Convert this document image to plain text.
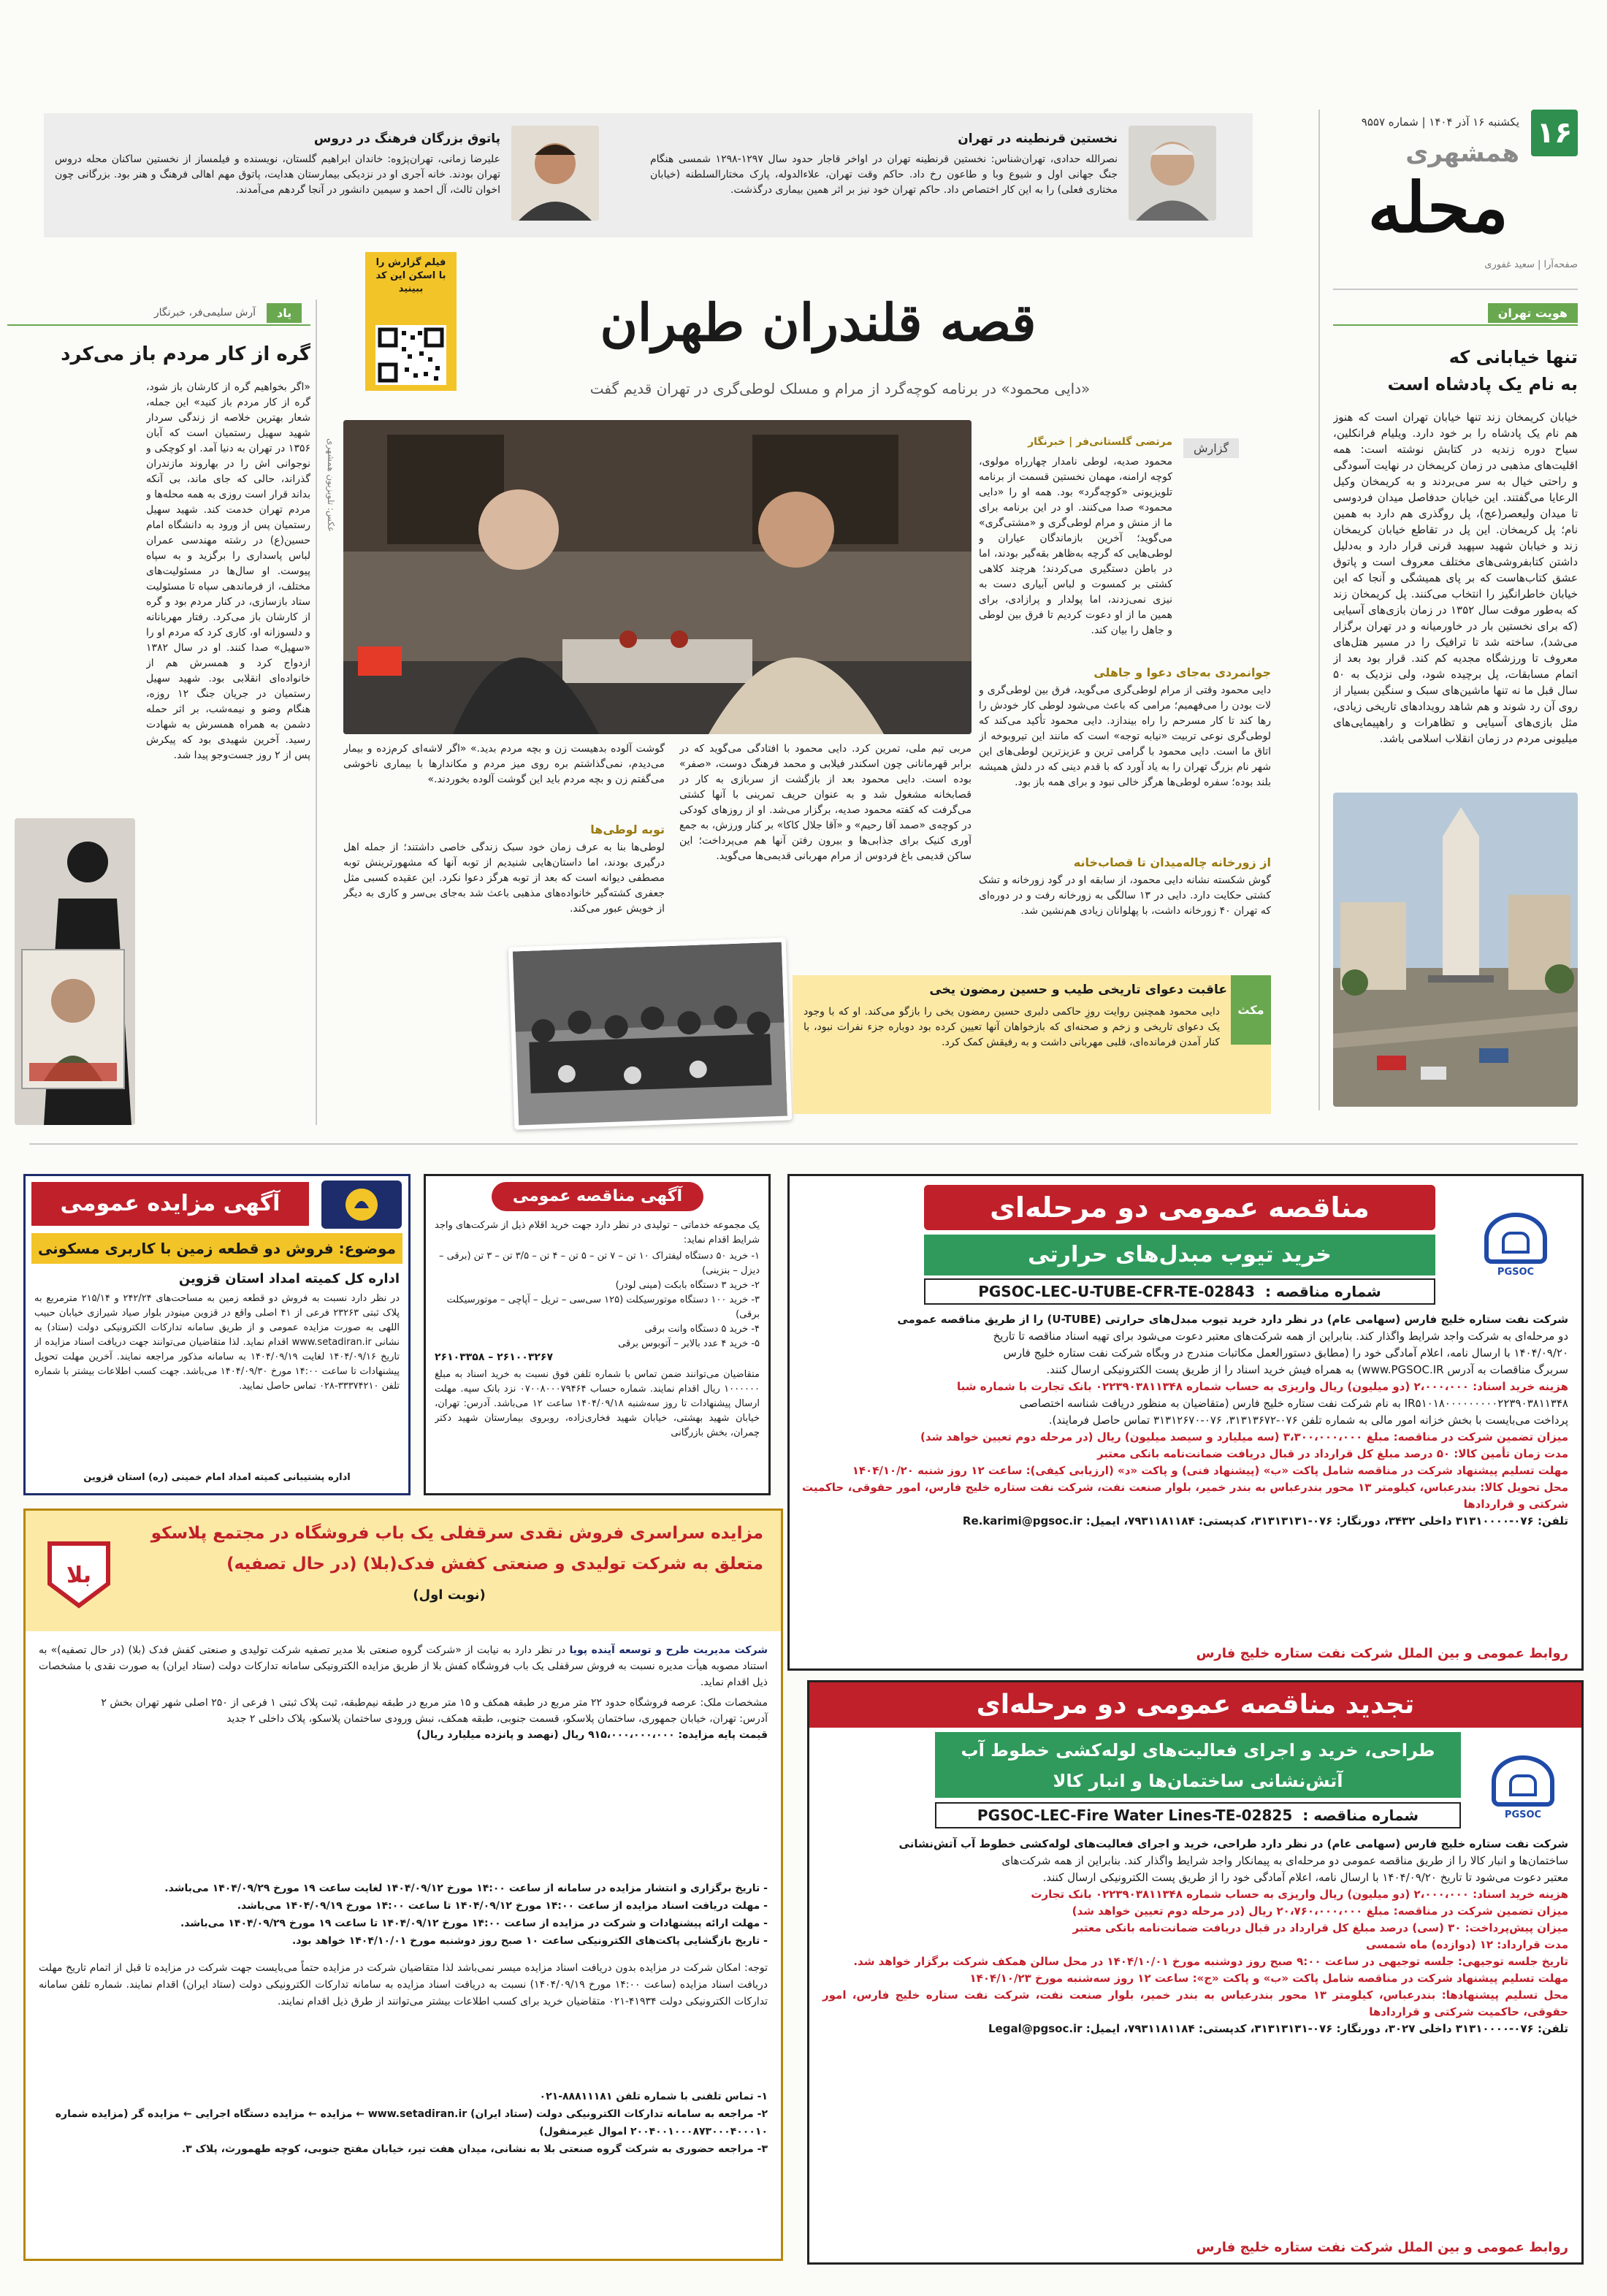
۱۶
همشهری
یکشنبه ۱۶ آذر ۱۴۰۴ | شماره ۹۵۵۷
محله
صفحه‌آرا | سعید غفوری
نخستین قرنطینه در تهران
نصرالله حدادی، تهران‌شناس: نخستین قرنطینه تهران در اواخر قاجار حدود سال ۱۲۹۷-۱۲۹۸ شمسی هنگام جنگ جهانی اول و شیوع وبا و طاعون رخ داد. حاکم وقت تهران، علاءالدوله، پارک مختارالسلطنه (خیابان مختاری فعلی) را به این کار اختصاص داد. حاکم تهران خود نیز بر اثر همین بیماری درگذشت.
پاتوق بزرگان فرهنگ در دروس
علیرضا زمانی، تهران‌پژوه: خاندان ابراهیم گلستان، نویسنده و فیلمساز از نخستین ساکنان محله دروس تهران بودند. خانه آجری او در نزدیکی بیمارستان هدایت، پاتوق مهم اهالی فرهنگ و هنر بود. بزرگانی چون اخوان ثالث، آل احمد و سیمین دانشور در آنجا گردهم می‌آمدند.
هویت تهران
تنها خیابانی که
به نام یک پادشاه است
خیابان کریمخان زند تنها خیابان تهران است که هنوز هم نام یک پادشاه را بر خود دارد. ویلیام فرانکلین، سیاح دوره زندیه در کتابش نوشته است: همه اقلیت‌های مذهبی در زمان کریمخان در نهایت آسودگی و راحتی خیال به سر می‌بردند و به کریمخان وکیل الرعایا می‌گفتند. این خیابان حدفاصل میدان فردوسی تا میدان ولیعصر(عج)، پل روگذری هم دارد به همین نام؛ پل کریمخان. این پل در تقاطع خیابان کریمخان زند و خیابان شهید سپهبد قرنی قرار دارد و به‌دلیل داشتن کتابفروشی‌های مختلف معروف است و پاتوق عشق کتاب‌هاست که بر پای همیشگی و آنجا که این خیابان خاطرانگیز را انتخاب می‌کنند. پل کریمخان زند که به‌طور موقت سال ۱۳۵۲ در زمان بازی‌های آسیایی (که برای نخستین بار در خاورمیانه و در تهران برگزار می‌شد)، ساخته شد تا ترافیک را در مسیر هتل‌های معروف تا ورزشگاه مجدیه کم کند. قرار بود بعد از اتمام مسابقات، پل برچیده شود، ولی نزدیک به ۵۰ سال قبل ما نه تنها ماشین‌های سبک و سنگین بسیار از روی آن رد شوند و هم شاهد رویدادهای تاریخی زیادی، مثل بازی‌های آسیایی و تظاهرات و راهپیمایی‌های میلیونی مردم در زمان انقلاب اسلامی باشد.
فیلم گزارش را با اسکن این کد ببینید
قصه قلندران طهران
«دایی محمود» در برنامه کوچه‌گرد از مرام و مسلک لوطی‌گری در تهران قدیم گفت
عکس: تلویزیون همشهری	گزارش
مرتضی گلستانی‌فر | خبرنگار
محمود صدیه، لوطی نامدار چهارراه مولوی، کوچه ارامنه، مهمان نخستین قسمت از برنامه تلویزیونی «کوچه‌گرد» بود. همه او را «دایی محمود» صدا می‌کنند. او در این برنامه برای ما از منش و مرام لوطی‌گری و «مشتی‌گری» می‌گوید؛ آخرین بازماندگان عیاران و لوطی‌هایی که گرچه به‌ظاهر بقه‌گیر بودند، اما در باطن دستگیری می‌کردند؛ هرچند کلاهی کشتی بر کمسوت و لباس آبیاری دست به نیزی نمی‌زدند، اما پولدار و پرازادی، برای همین ما از او دعوت کردیم تا فرق بین لوطی و جاهل را بیان کند.
جوانمردی به‌جای دعوا و جاهلی
دایی محمود وقتی از مرام لوطی‌گری می‌گوید، فرق بین لوطی‌گری و لات بودن را می‌فهمیم؛ مرامی که باعث می‌شود لوطی کار خودش را رها کند تا کار مسرحم را راه بیندازد. دایی محمود تأکید می‌کند که لوطی‌گری نوعی تربیت «نیابه توجه» است که مانند این تیروبوخه از اتاق ما است. دایی محمود با گرامی ‌ترین و عزیزترین لوطی‌های این شهر نام بزرگ تهران را به یاد آورد که با قدم دینی که در دلش همیشه بلند بوده؛ سفره لوطی‌ها هرگز خالی نبود و برای همه باز بود.
از زورخانه چاله‌میدان تا قصاب‌خانه
گوش شکسته‌ نشانه دایی محمود، از سابقه او در گود زورخانه و تشک کشتی حکایت دارد. دایی در ۱۳ سالگی به زورخانه رفت و در دوره‌ای که تهران ۴۰ زورخانه داشت، با پهلوانان زیادی هم‌نشین شد.
مربی تیم ملی، تمرین کرد. دایی محمود با افتادگی می‌گوید که در برابر قهرمانانی چون اسکندر فیلابی و محمد فرهنگ دوست، «صفر» بوده است. دایی محمود بعد از بازگشت از سربازی به کار در قصابخانه مشغول شد و به عنوان حریف تمرینی با آنها کشتی می‌گرفت که کفته محمود صدیه، برگزار می‌شد. او از روزهای کودکی در کوچه‌ی «صمد آقا رحیم» و «آقا جلال کاکا» بر کنار ورزش، به جمع آوری کنیک برای جذابی‌ها و بیرون رفتن آنها هم می‌پرداخت؛ این ساکن قدیمی باغ فردوس از مرام مهربانی قدیمی‌ها می‌گوید.
گوشت آلوده بدهیست زن و بچه مردم بدید.» «اگر لاشه‌ای کرم‌زده و بیمار می‌دیدم، نمی‌گذاشتم بره روی میز مردم و مکاندارها با بیماری ناخوشی می‌گفتم زن و بچه مردم باید این گوشت آلوده بخوردند.»
توبه لوطی‌ها
لوطی‌ها بنا به عرف زمان خود سبک زندگی خاصی داشتند؛ از جمله اهل درگیری بودند، اما داستان‌هایی شنیدیم از توبه آنها که مشهورترینش توبه مصطفی دیوانه است که بعد از توبه هرگز دعوا نکرد. این عقیده کسبی مثل جعفری کشته‌گیر خانواده‌های مذهبی باعث شد به‌جای بی‌سر و کاری به دیگر از خویش عبور می‌کند.
عاقبت دعوای تاریخی طیب و حسین رمضون یخی
دایی محمود همچنین روایت روزِ حاکمی دلبری حسین رمضون یخی را بازگو می‌کند. او که با وجود یک دعوای تاریخی و زخم و صحنه‌ای که بازخواهان آنها تعیین کرده بود دوباره جزء نفرات نبود، با کنار آمدن فرمانده‌ای، قلبی مهربانی داشت و به رفیقش کمک کرد.
مکث
یاد
آرش سلیمی‌فر، خبرنگار
گره از کار مردم باز می‌کرد
«اگر بخواهیم گره از کارشان باز شود، گره از کار مردم باز کنید» این جمله، شعار بهترین خلاصه از زندگی سردار شهید سهیل رستمیان است که آبان ۱۳۵۶ در تهران به دنیا آمد. او کوچکی و نوجوانی اش را در بهاروند مازندران گذراند، حالی که جای ماند، بی آنکه بداند قرار است روزی به همه محله‌ها و مردم تهران خدمت کند. شهید سهیل رستمیان پس از ورود به دانشگاه امام حسین(ع) در رشته مهندسی عمران لباس پاسداری را برگزید و به سپاه پیوست. او سال‌ها در مسئولیت‌های مختلف، از فرماندهی سپاه تا مسئولیت ستاد بازسازی، در کنار مردم بود و گره از کارشان باز می‌کرد. رفتار مهربانانه و دلسوزانه او، کاری کرد که مردم او را «سهیل» صدا کنند. او در سال ۱۳۸۲ ازدواج کرد و همسرش هم از خانواده‌ای انقلابی بود. شهید سهیل رستمیان در جریان جنگ ۱۲ روزه، هنگام وضو و نیمه‌شب، بر اثر حمله دشمن به همراه همسرش به شهادت رسید. آخرین شهیدی بود که پیکرش پس از ۲ روز جست‌وجو پیدا شد.
PGSOC
مناقصه عمومی دو مرحله‌ای
خرید تیوب مبدل‌های حرارتی
شماره مناقصه :
PGSOC-LEC-U-TUBE-CFR-TE-02843
شرکت نفت ستاره خلیج فارس (سهامی عام) در نظر دارد خرید تیوب مبدل‌های حرارتی (U-TUBE) را از طریق مناقصه عمومی
دو مرحله‌ای به شرکت واجد شرایط واگذار کند. بنابراین از همه شرکت‌های معتبر دعوت می‌شود برای تهیه اسناد مناقصه تا تاریخ
۱۴۰۴/۰۹/۲۰ با ارسال نامه، اعلام آمادگی خود را (مطابق دستورالعمل مکاتبات مندرج در وبگاه شرکت نفت ستاره خلیج فارس
سربرگ مناقصات به آدرس www.PGSOC.IR) به همراه فیش خرید اسناد را از طریق پست الکترونیکی ارسال کنند.
هزینه خرید اسناد: ۲،۰۰۰،۰۰۰ (دو میلیون) ریال واریزی به حساب شماره ۰۲۲۳۹۰۳۸۱۱۳۴۸ بانک تجارت با شماره شبا
IR۵۱۰۱۸۰۰۰۰۰۰۰۰۰۲۲۳۹۰۳۸۱۱۳۴۸ به نام شرکت نفت ستاره خلیج فارس (متقاضیان به منظور دریافت شناسه اختصاصی
پرداخت می‌بایست با بخش خزانه امور مالی به شماره تلفن ۰۷۶-۳۱۳۱۳۶۷۲، ۰۷۶-۳۱۳۱۲۶۷۰ تماس حاصل فرمایند).
میزان تضمین شرکت در مناقصه: مبلغ ۳،۳۰۰،۰۰۰،۰۰۰ (سه میلیارد و سیصد میلیون) ریال (در مرحله دوم تعیین خواهد شد)
مدت زمان تأمین کالا: ۵۰ درصد مبلغ کل قرارداد در قبال دریافت ضمانت‌نامه بانکی معتبر
مهلت تسلیم پیشنهاد شرکت در مناقصه شامل پاکت «ب» (پیشنهاد فنی) و پاکت «د» (ارزیابی کیفی): ساعت ۱۲ روز شنبه ۱۴۰۴/۱۰/۲۰
محل تحویل کالا: بندرعباس، کیلومتر ۱۳ محور بندرعباس به بندر خمیر، بلوار صنعت نفت، شرکت نفت ستاره خلیج فارس، امور حقوقی، حاکمیت شرکتی و قراردادها
تلفن: ۰۷۶-۳۱۳۱۰۰۰۰ داخلی ۳۴۳۲، دورنگار: ۰۷۶-۳۱۳۱۳۱۳۱، کدپستی: ۷۹۳۱۱۸۱۱۸۴، ایمیل: Re.karimi@pgsoc.ir
روابط عمومی و بین الملل شرکت نفت ستاره خلیج فارس
PGSOC
تجدید مناقصه عمومی دو مرحله‌ای
طراحی، خرید و اجرای فعالیت‌های لوله‌کشی خطوط آب آتش‌نشانی ساختمان‌ها و انبار کالا
شماره مناقصه :
PGSOC-LEC-Fire Water Lines-TE-02825
شرکت نفت ستاره خلیج فارس (سهامی عام) در نظر دارد طراحی، خرید و اجرای فعالیت‌های لوله‌کشی خطوط آب آتش‌نشانی
ساختمان‌ها و انبار کالا را از طریق مناقصه عمومی دو مرحله‌ای به پیمانکار واجد شرایط واگذار کند. بنابراین از همه شرکت‌های
معتبر دعوت می‌شود تا تاریخ ۱۴۰۴/۰۹/۲۰ با ارسال نامه، اعلام آمادگی خود را از طریق پست الکترونیکی ارسال کنند.
هزینه خرید اسناد: ۲،۰۰۰،۰۰۰ (دو میلیون) ریال واریزی به حساب شماره ۰۲۲۳۹۰۳۸۱۱۳۴۸ بانک تجارت
میزان تضمین شرکت در مناقصه: مبلغ ۲۰،۷۶۰،۰۰۰،۰۰۰ ریال (در مرحله دوم تعیین خواهد شد)
میزان پیش‌پرداخت: ۳۰ (سی) درصد مبلغ کل قرارداد در قبال دریافت ضمانت‌نامه بانکی معتبر
مدت قرارداد: ۱۲ (دوازده) ماه شمسی
تاریخ جلسه توجیهی: جلسه توجیهی در ساعت ۹:۰۰ صبح روز دوشنبه مورخ ۱۴۰۴/۱۰/۰۱ در محل سالن همکف شرکت برگزار خواهد شد.
مهلت تسلیم پیشنهاد شرکت در مناقصه شامل پاکت «ب» و پاکت «ج»: ساعت ۱۲ روز سه‌شنبه مورخ ۱۴۰۴/۱۰/۲۳
محل تسلیم پیشنهادها: بندرعباس، کیلومتر ۱۳ محور بندرعباس به بندر خمیر، بلوار صنعت نفت، شرکت نفت ستاره خلیج فارس، امور حقوقی، حاکمیت شرکتی و قراردادها
تلفن: ۰۷۶-۳۱۳۱۰۰۰۰ داخلی ۳۰۲۷، دورنگار: ۰۷۶-۳۱۳۱۳۱۳۱، کدپستی: ۷۹۳۱۱۸۱۱۸۴، ایمیل: Legal@pgsoc.ir
روابط عمومی و بین الملل شرکت نفت ستاره خلیج فارس
آگهی مناقصه عمومی
یک مجموعه خدماتی – تولیدی در نظر دارد جهت خرید اقلام ذیل از شرکت‌های واجد شرایط اقدام نماید:
۱- خرید ۵۰ دستگاه لیفتراک ۱۰ تن – ۷ تن – ۵ تن – ۴ تن – ۳/۵ تن – ۳ تن (برقی – دیزل – بنزینی)
۲- خرید ۳ دستگاه بابکت (مینی لودر)
۳- خرید ۱۰۰ دستگاه موتورسیکلت (۱۲۵ سی‌سی – تریل – آپاچی – موتورسیکلت برقی)
۴- خرید ۵ دستگاه وانت برقی
۵- خرید ۴ عدد بالابر – آتوبوس برقی
۲۶۱۰۰۳۲۶۷ – ۲۶۱۰۳۳۵۸
متقاضیان می‌توانند ضمن تماس با شماره تلفن فوق نسبت به خرید اسناد به مبلغ ۱۰۰۰۰۰۰ ریال اقدام نمایند. شماره حساب ۰۷۰۰۸۰۰۰۷۹۴۶۴ نزد بانک سپه. مهلت ارسال پیشنهادات تا روز سه‌شنبه ۱۴۰۴/۰۹/۱۸ ساعت ۱۲ می‌باشد. آدرس: تهران، خیابان شهید بهشتی، خیابان شهید فخاری‌زاده، روبروی بیمارستان شهید دکتر چمران، بخش بازرگانی
آگهی مزایده عمومی
موضوع: فروش دو قطعه زمین با کاربری مسکونی
اداره کل کمیته امداد استان قزوین
در نظر دارد نسبت به فروش دو قطعه زمین به مساحت‌های ۲۴۲/۲۴ و ۲۱۵/۱۴ مترمربع به پلاک ثبتی ۲۳۲۶۳ فرعی از ۴۱ اصلی واقع در قزوین مینودر بلوار صیاد شیرازی خیابان حبیب اللهی به صورت مزایده عمومی و از طریق سامانه تدارکات الکترونیکی دولت (ستاد) به نشانی www.setadiran.ir اقدام نماید. لذا متقاضیان می‌توانند جهت دریافت اسناد مزایده از تاریخ ۱۴۰۴/۰۹/۱۶ لغایت ۱۴۰۴/۰۹/۱۹ به سامانه مذکور مراجعه نمایند. آخرین مهلت تحویل پیشنهادات تا ساعت ۱۴:۰۰ مورخ ۱۴۰۴/۰۹/۳۰ می‌باشد. جهت کسب اطلاعات بیشتر با شماره تلفن ۳۳۳۷۴۲۱۰-۰۲۸ تماس حاصل نمایید.
اداره پشتیبانی کمیته امداد امام خمینی (ره) استان قزوین
بلا
مزایده سراسری فروش نقدی سرقفلی یک باب فروشگاه در مجتمع پلاسکو
متعلق به شرکت تولیدی و صنعتی کفش فدک(بلا) (در حال تصفیه)
(نوبت اول)
شرکت مدیریت طرح و توسعه آینده پویا در نظر دارد به نیابت از «شرکت گروه صنعتی بلا مدیر تصفیه شرکت تولیدی و صنعتی کفش فدک (بلا) (در حال تصفیه)» به استناد مصوبه هیأت مدیره نسبت به فروش سرقفلی یک باب فروشگاه کفش بلا از طریق مزایده الکترونیکی سامانه تدارکات دولت (ستاد ایران) به صورت نقدی با مشخصات ذیل اقدام نماید.
مشخصات ملک: عرصه فروشگاه حدود ۲۲ متر مربع در طبقه همکف و ۱۵ متر مربع در طبقه نیم‌طبقه، ثبت پلاک ثبتی ۱ فرعی از ۲۵۰ اصلی شهر تهران بخش ۲
آدرس: تهران، خیابان جمهوری، ساختمان پلاسکو، قسمت جنوبی، طبقه همکف، نبش ورودی ساختمان پلاسکو، پلاک داخلی ۲ جدید
قیمت پایه مزایده: ۹۱۵،۰۰۰،۰۰۰،۰۰۰ ریال (نهصد و پانزده میلیارد ریال)
- تاریخ برگزاری و انتشار مزایده در سامانه از ساعت ۱۴:۰۰ مورخ ۱۴۰۴/۰۹/۱۲ لغایت ساعت ۱۹ مورخ ۱۴۰۴/۰۹/۲۹ می‌باشد.
- مهلت دریافت اسناد مزایده از ساعت ۱۴:۰۰ مورخ ۱۴۰۴/۰۹/۱۲ تا ساعت ۱۴:۰۰ مورخ ۱۴۰۴/۰۹/۱۹ می‌باشد.
- مهلت ارائه پیشنهادات و شرکت در مزایده از ساعت ۱۴:۰۰ مورخ ۱۴۰۴/۰۹/۱۲ تا ساعت ۱۹ مورخ ۱۴۰۴/۰۹/۲۹ می‌باشد.
- تاریخ بازگشایی پاکت‌های الکترونیکی ساعت ۱۰ صبح روز دوشنبه مورخ ۱۴۰۴/۱۰/۰۱ خواهد بود.
توجه: امکان شرکت در مزایده بدون دریافت اسناد مزایده میسر نمی‌باشد لذا متقاضیان شرکت در مزایده حتماً می‌بایست جهت شرکت در مزایده تا قبل از اتمام تاریخ مهلت دریافت اسناد مزایده (ساعت ۱۴:۰۰ مورخ ۱۴۰۴/۰۹/۱۹) نسبت به دریافت اسناد مزایده به سامانه تدارکات الکترونیکی دولت (ستاد ایران) اقدام نمایند. شماره تلفن سامانه تدارکات الکترونیکی دولت ۴۱۹۳۴-۰۲۱ متقاضیان خرید برای کسب اطلاعات بیشتر می‌توانند از طرق ذیل اقدام نمایند.
۱- تماس تلفنی با شماره تلفن ۸۸۸۱۱۱۸۱-۰۲۱
۲- مراجعه به سامانه تدارکات الکترونیکی دولت (ستاد ایران) www.setadiran.ir ← مزایده ← مزایده دستگاه اجرایی ← مزایده گر (مزایده شماره ۲۰۰۴۰۰۱۰۰۰۸۷۳۰۰۰۴۰۰۰۱۰ اموال غیرمنقول)
۳- مراجعه حضوری به شرکت گروه صنعتی بلا به نشانی، میدان هفت تیر، خیابان مفتح جنوبی، کوچه طهمورث، پلاک ۳.
